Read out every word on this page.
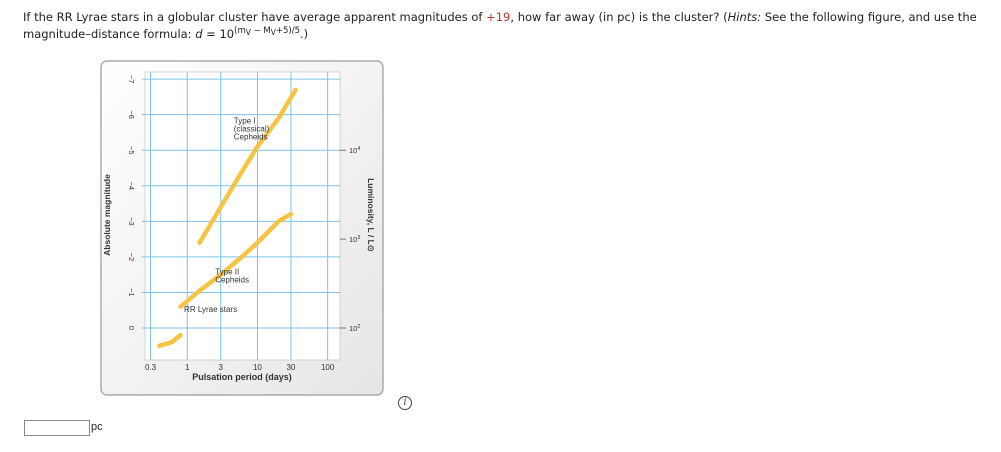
If the RR Lyrae stars in a globular cluster have average apparent magnitudes of +19, how far away (in pc) is the cluster? (Hints: See the following figure, and use the magnitude–distance formula: $d = 10^{(mV - MV+5)/5}$.)
0.3	1	3	10	30	100
0
−1
−2
−3
−4
−5
−6
−7
$10^2$
$10^3$
$10^4$
RR Lyrae stars
Type II
Cepheids
Type I
(classical)
Cepheids
Pulsation period (days)
Absolute magnitude	Luminosity, L / L⊙
i
pc
